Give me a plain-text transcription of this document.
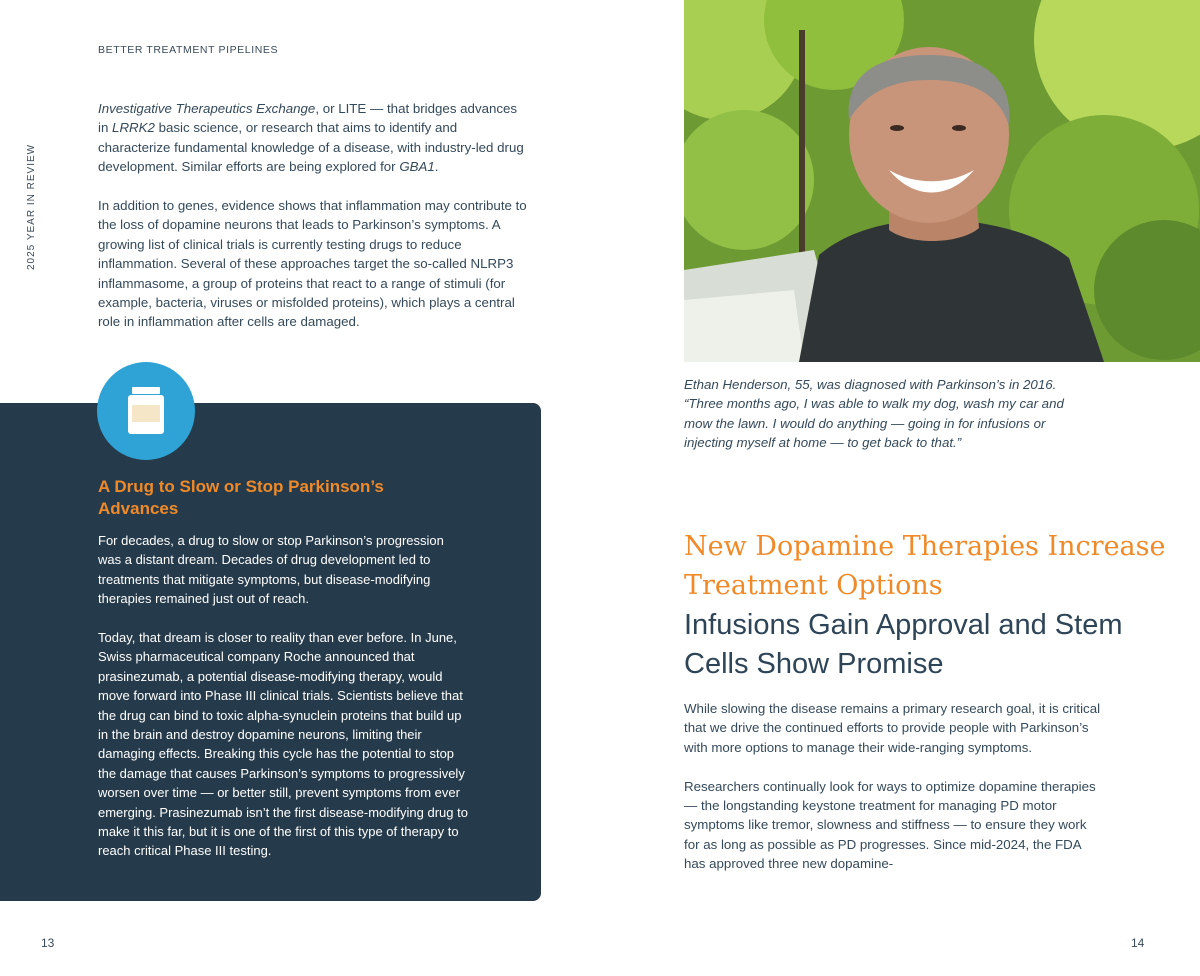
BETTER TREATMENT PIPELINES
2025 YEAR IN REVIEW

Investigative Therapeutics Exchange, or LITE — that bridges advances in LRRK2 basic science, or research that aims to identify and characterize fundamental knowledge of a disease, with industry-led drug development. Similar efforts are being explored for GBA1.

In addition to genes, evidence shows that inflammation may contribute to the loss of dopamine neurons that leads to Parkinson’s symptoms. A growing list of clinical trials is currently testing drugs to reduce inflammation. Several of these approaches target the so-called NLRP3 inflammasome, a group of proteins that react to a range of stimuli (for example, bacteria, viruses or misfolded proteins), which plays a central role in inflammation after cells are damaged.

A Drug to Slow or Stop Parkinson’s Advances

For decades, a drug to slow or stop Parkinson’s progression was a distant dream. Decades of drug development led to treatments that mitigate symptoms, but disease-modifying therapies remained just out of reach.

Today, that dream is closer to reality than ever before. In June, Swiss pharmaceutical company Roche announced that prasinezumab, a potential disease-modifying therapy, would move forward into Phase III clinical trials. Scientists believe that the drug can bind to toxic alpha-synuclein proteins that build up in the brain and destroy dopamine neurons, limiting their damaging effects. Breaking this cycle has the potential to stop the damage that causes Parkinson’s symptoms to progressively worsen over time — or better still, prevent symptoms from ever emerging. Prasinezumab isn’t the first disease-modifying drug to make it this far, but it is one of the first of this type of therapy to reach critical Phase III testing.

13
Ethan Henderson, 55, was diagnosed with Parkinson’s in 2016. “Three months ago, I was able to walk my dog, wash my car and mow the lawn. I would do anything — going in for infusions or injecting myself at home — to get back to that.”
New Dopamine Therapies Increase Treatment Options
Infusions Gain Approval and Stem Cells Show Promise

While slowing the disease remains a primary research goal, it is critical that we drive the continued efforts to provide people with Parkinson’s with more options to manage their wide-ranging symptoms.

Researchers continually look for ways to optimize dopamine therapies — the longstanding keystone treatment for managing PD motor symptoms like tremor, slowness and stiffness — to ensure they work for as long as possible as PD progresses. Since mid-2024, the FDA has approved three new dopamine-

14
